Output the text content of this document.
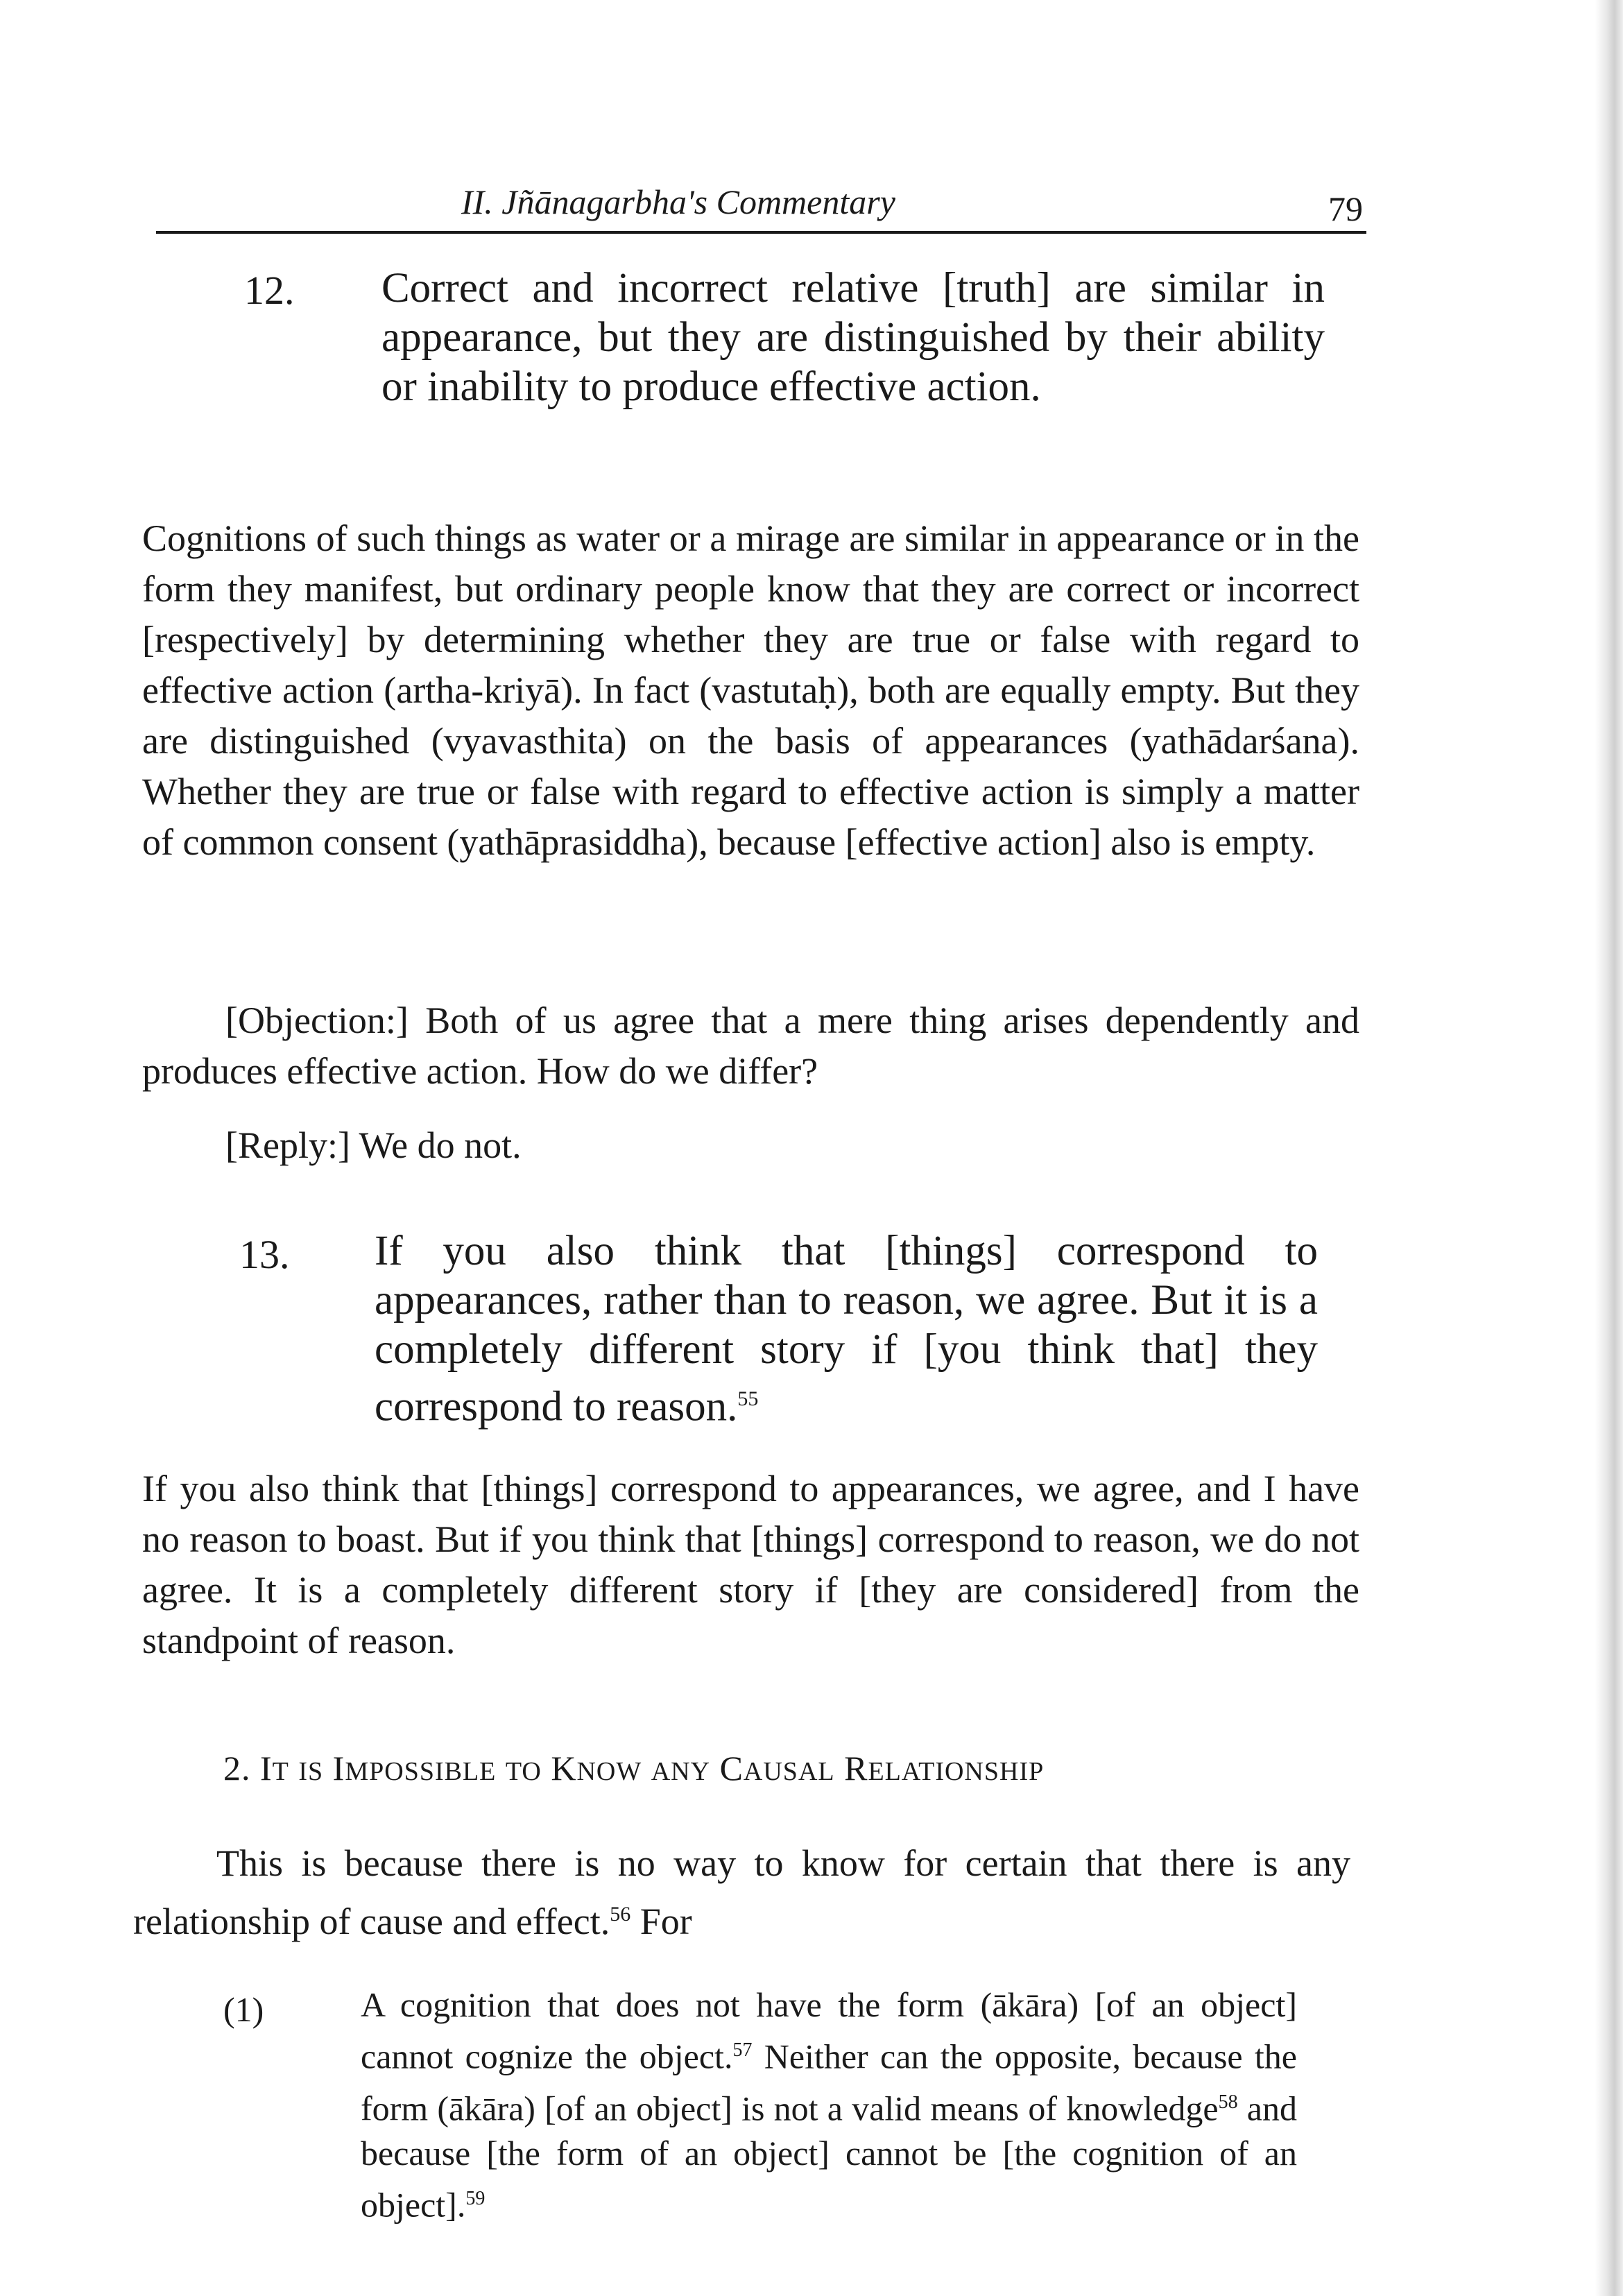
II. Jñānagarbha's Commentary	79
12. Correct and incorrect relative [truth] are similar in appearance, but they are distinguished by their ability or inability to produce effective action.
Cognitions of such things as water or a mirage are similar in appearance or in the form they manifest, but ordinary people know that they are correct or incorrect [respectively] by determining whether they are true or false with regard to effective action (artha-kriyā). In fact (vastutaḥ), both are equally empty. But they are distinguished (vyavasthita) on the basis of appearances (yathādarśana). Whether they are true or false with regard to effective action is simply a matter of common consent (yathāprasiddha), because [effective action] also is empty.
[Objection:] Both of us agree that a mere thing arises dependently and produces effective action. How do we differ?
[Reply:] We do not.
13. If you also think that [things] correspond to appearances, rather than to reason, we agree. But it is a completely different story if [you think that] they correspond to reason.$^{55}$
If you also think that [things] correspond to appearances, we agree, and I have no reason to boast. But if you think that [things] correspond to reason, we do not agree. It is a completely different story if [they are considered] from the standpoint of reason.
2. IT IS IMPOSSIBLE TO KNOW ANY CAUSAL RELATIONSHIP
This is because there is no way to know for certain that there is any relationship of cause and effect.$^{56}$ For
(1)	A cognition that does not have the form (ākāra) [of an object] cannot cognize the object.$^{57}$ Neither can the opposite, because the form (ākāra) [of an object] is not a valid means of knowledge$^{58}$ and because [the form of an object] cannot be [the cognition of an object].$^{59}$
